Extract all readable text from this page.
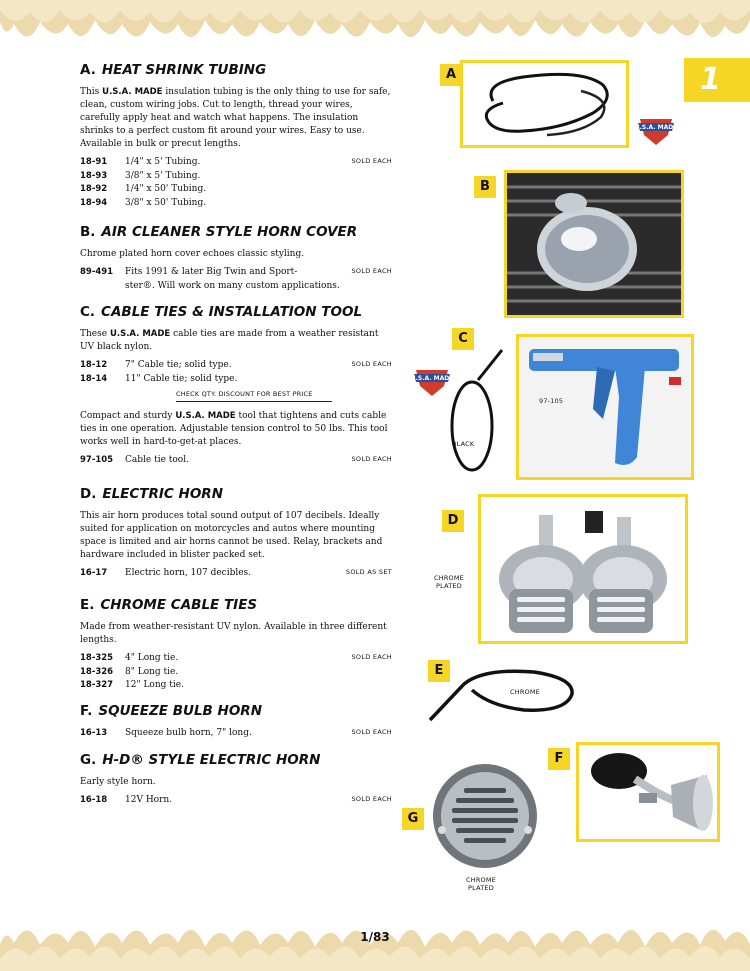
1
A. HEAT SHRINK TUBING
This U.S.A. MADE insulation tubing is the only thing to use for safe, clean, custom wiring jobs. Cut to length, thread your wires, carefully apply heat and watch what happens. The insulation shrinks to a perfect custom fit around your wires. Easy to use. Available in bulk or precut lengths.
18-91 1/4" x 5' Tubing.	SOLD EACH
18-93 3/8" x 5' Tubing.
18-92 1/4" x 50' Tubing.
18-94 3/8" x 50' Tubing.
B. AIR CLEANER STYLE HORN COVER
Chrome plated horn cover echoes classic styling.
89-491 Fits 1991 & later Big Twin and Sport-	SOLD EACH
ster®. Will work on many custom applications.
C. CABLE TIES & INSTALLATION TOOL
These U.S.A. MADE cable ties are made from a weather resistant UV black nylon.
18-12 7" Cable tie; solid type.	SOLD EACH
18-14 11" Cable tie; solid type.
CHECK QTY. DISCOUNT FOR BEST PRICE
Compact and sturdy U.S.A. MADE tool that tightens and cuts cable ties in one operation. Adjustable tension control to 50 lbs. This tool works well in hard-to-get-at places.
97-105 Cable tie tool.	SOLD EACH
D. ELECTRIC HORN
This air horn produces total sound output of 107 decibels. Ideally suited for application on motorcycles and autos where mounting space is limited and air horns cannot be used. Relay, brackets and hardware included in blister packed set.
16-17 Electric horn, 107 decibles.	SOLD AS SET
E. CHROME CABLE TIES
Made from weather-resistant UV nylon. Available in three different lengths.
18-325 4" Long tie.	SOLD EACH
18-326 8" Long tie.
18-327 12" Long tie.
F. SQUEEZE BULB HORN
16-13 Squeeze bulb horn, 7" long.	SOLD EACH
G. H-D® STYLE ELECTRIC HORN
Early style horn.
16-18 12V Horn.	SOLD EACH
A
U.S.A. MADE
B
C
U.S.A. MADE
BLACK
97-105
D
CHROME
PLATED
E
CHROME
F
G
CHROME
PLATED
1/83
